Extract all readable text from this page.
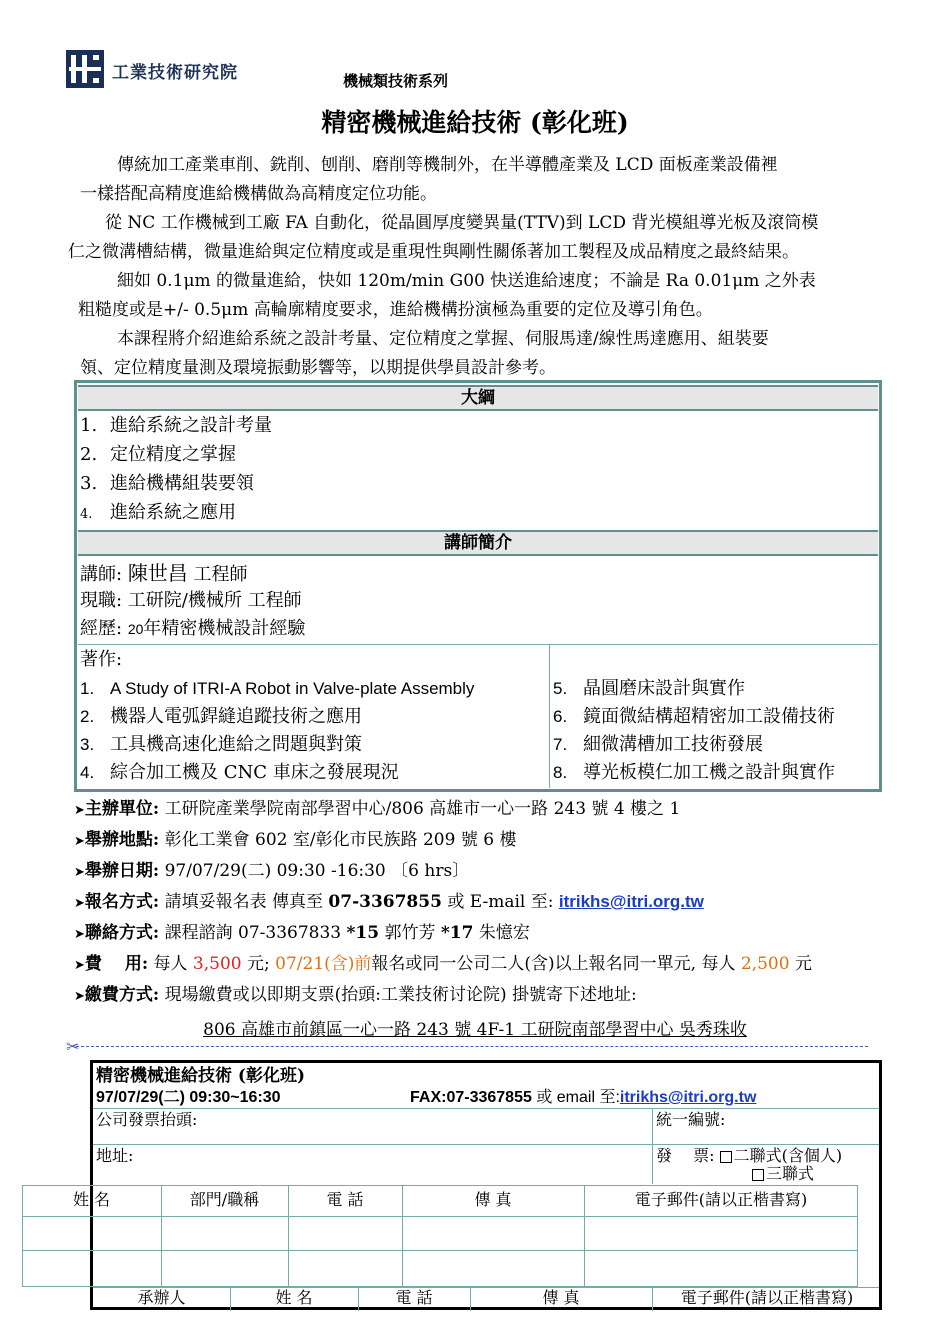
工業技術研究院	機械類技術系列
精密機械進給技術 (彰化班)
傳統加工產業車削、銑削、刨削、磨削等機制外，在半導體產業及 LCD 面板產業設備裡
一樣搭配高精度進給機構做為高精度定位功能。
從 NC 工作機械到工廠 FA 自動化，從晶圓厚度變異量(TTV)到 LCD 背光模組導光板及滾筒模
仁之微溝槽結構，微量進給與定位精度或是重現性與剛性關係著加工製程及成品精度之最終結果。
細如 0.1μm 的微量進給，快如 120m/min G00 快送進給速度；不論是 Ra 0.01μm 之外表
粗糙度或是+/- 0.5μm 高輪廓精度要求，進給機構扮演極為重要的定位及導引角色。
本課程將介紹進給系統之設計考量、定位精度之掌握、伺服馬達/線性馬達應用、組裝要
領、定位精度量測及環境振動影響等，以期提供學員設計參考。
大綱
1. 進給系統之設計考量
2. 定位精度之掌握
3. 進給機構組裝要領
4. 進給系統之應用
講師簡介
講師: 陳世昌 工程師
現職: 工研院/機械所 工程師
經歷: 20年精密機械設計經驗
著作:
1. A Study of ITRI-A Robot in Valve-plate Assembly
2. 機器人電弧銲縫追蹤技術之應用
3. 工具機高速化進給之問題與對策
4. 綜合加工機及 CNC 車床之發展現況
5. 晶圓磨床設計與實作
6. 鏡面微結構超精密加工設備技術
7. 細微溝槽加工技術發展
8. 導光板模仁加工機之設計與實作
➤主辦單位: 工研院產業學院南部學習中心/806 高雄市一心一路 243 號 4 樓之 1
➤舉辦地點: 彰化工業會 602 室/彰化市民族路 209 號 6 樓
➤舉辦日期: 97/07/29(二) 09:30 -16:30 〔6 hrs〕
➤報名方式: 請填妥報名表 傳真至 07-3367855 或 E-mail 至: itrikhs@itri.org.tw
➤聯絡方式: 課程諮詢 07-3367833 *15 郭竹芳 *17 朱憶宏
➤費　 用: 每人 3,500 元; 07/21(含)前報名或同一公司二人(含)以上報名同一單元, 每人 2,500 元
➤繳費方式: 現場繳費或以即期支票(抬頭:工業技術讨论院) 掛號寄下述地址:
806 高雄市前鎮區一心一路 243 號 4F-1 工研院南部學習中心 吳秀珠收
✂
精密機械進給技術 (彰化班)
97/07/29(二) 09:30~16:30	FAX:07-3367855 或 email 至:itrikhs@itri.org.tw
公司發票抬頭:	統一編號:
地址:	發　 票: 二聯式(含個人)
三聯式
姓 名	部門/職稱	電 話	傳 真	電子郵件(請以正楷書寫)
承辦人	姓 名	電 話	傳 真	電子郵件(請以正楷書寫)
